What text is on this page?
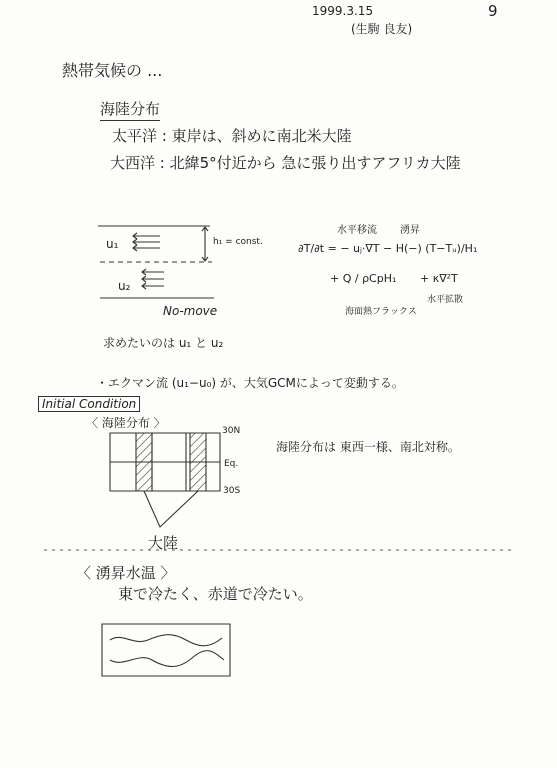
1999.3.15
(生駒 良友)
9
熱帯気候の ...
海陸分布
太平洋 : 東岸は、斜めに南北米大陸
大西洋 : 北緯5°付近から 急に張り出すアフリカ大陸
u₁	h₁ = const.
u₂
No-move
求めたいのは u₁ と u₂
水平移流 湧昇
∂T/∂t = − uⱼ·∇T − H(−) (T−Tᵤ)/H₁
+ Q / ρCpH₁ + κ∇²T
海面熱フラックス
水平拡散
・エクマン流 (u₁−u₀) が、大気GCMによって変動する。
Initial Condition
〈 海陸分布 〉
30N
Eq.
30S
大陸
海陸分布は 東西一様、南北対称。
〈 湧昇水温 〉
東で冷たく、赤道で冷たい。
